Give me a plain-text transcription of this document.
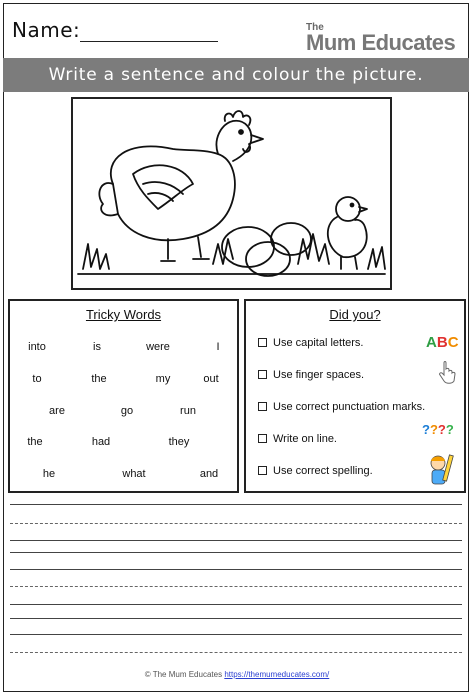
Name:	The
Mum Educates
Write a sentence and colour the picture.
Tricky Words
into	is	were	I
to	the	my	out
are	go	run
the	had	they
he	what	and
Did you?
Use capital letters.
Use finger spaces.
Use correct punctuation marks.
Write on line.
Use correct spelling.
ABC
????
© The Mum Educates https://themumeducates.com/
